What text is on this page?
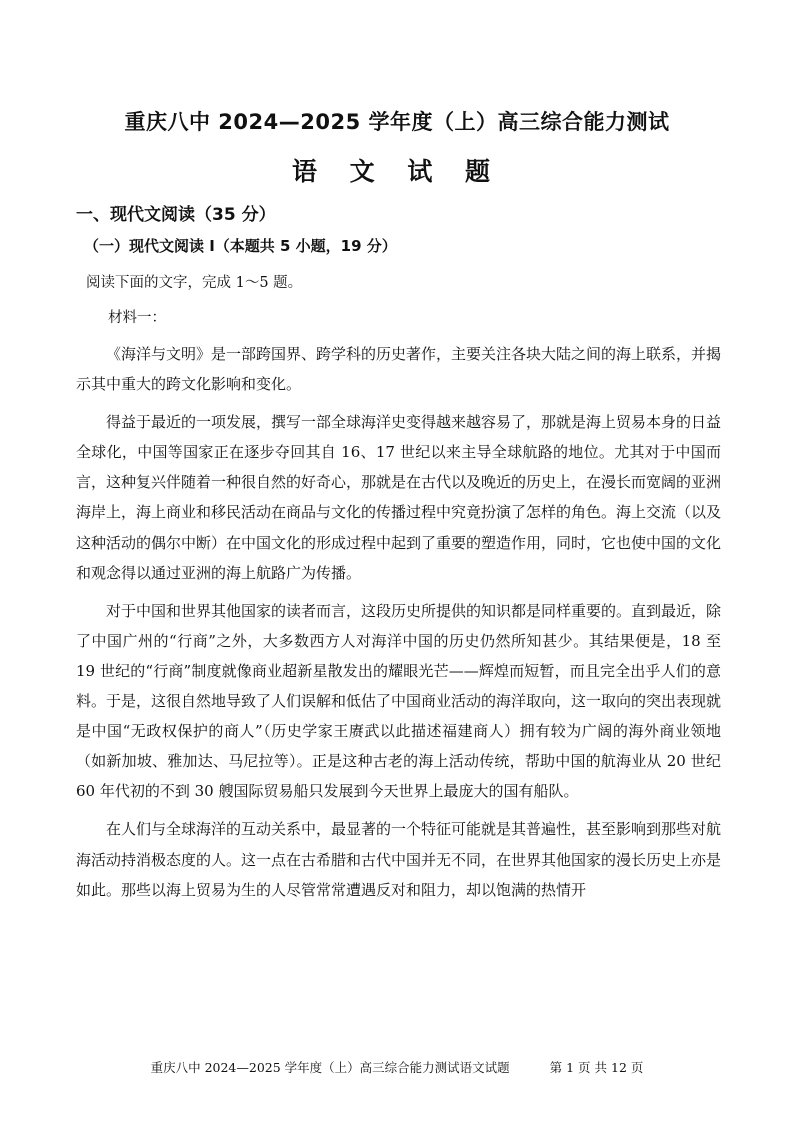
重庆八中 2024—2025 学年度（上）高三综合能力测试
语 文 试 题
一、现代文阅读（35 分）
（一）现代文阅读 I（本题共 5 小题，19 分）
阅读下面的文字，完成 1～5 题。
材料一：

《海洋与文明》是一部跨国界、跨学科的历史著作，主要关注各块大陆之间的海上联系，并揭示其中重大的跨文化影响和变化。

得益于最近的一项发展，撰写一部全球海洋史变得越来越容易了，那就是海上贸易本身的日益全球化，中国等国家正在逐步夺回其自 16、17 世纪以来主导全球航路的地位。尤其对于中国而言，这种复兴伴随着一种很自然的好奇心，那就是在古代以及晚近的历史上，在漫长而宽阔的亚洲海岸上，海上商业和移民活动在商品与文化的传播过程中究竟扮演了怎样的角色。海上交流（以及这种活动的偶尔中断）在中国文化的形成过程中起到了重要的塑造作用，同时，它也使中国的文化和观念得以通过亚洲的海上航路广为传播。

对于中国和世界其他国家的读者而言，这段历史所提供的知识都是同样重要的。直到最近，除了中国广州的“行商”之外，大多数西方人对海洋中国的历史仍然所知甚少。其结果便是，18 至 19 世纪的“行商”制度就像商业超新星散发出的耀眼光芒——辉煌而短暂，而且完全出乎人们的意料。于是，这很自然地导致了人们误解和低估了中国商业活动的海洋取向，这一取向的突出表现就是中国“无政权保护的商人”（历史学家王赓武以此描述福建商人）拥有较为广阔的海外商业领地（如新加坡、雅加达、马尼拉等）。正是这种古老的海上活动传统，帮助中国的航海业从 20 世纪 60 年代初的不到 30 艘国际贸易船只发展到今天世界上最庞大的国有船队。

在人们与全球海洋的互动关系中，最显著的一个特征可能就是其普遍性，甚至影响到那些对航海活动持消极态度的人。这一点在古希腊和古代中国并无不同，在世界其他国家的漫长历史上亦是如此。那些以海上贸易为生的人尽管常常遭遇反对和阻力，却以饱满的热情开

重庆八中 2024—2025 学年度（上）高三综合能力测试语文试题	第 1 页 共 12 页
